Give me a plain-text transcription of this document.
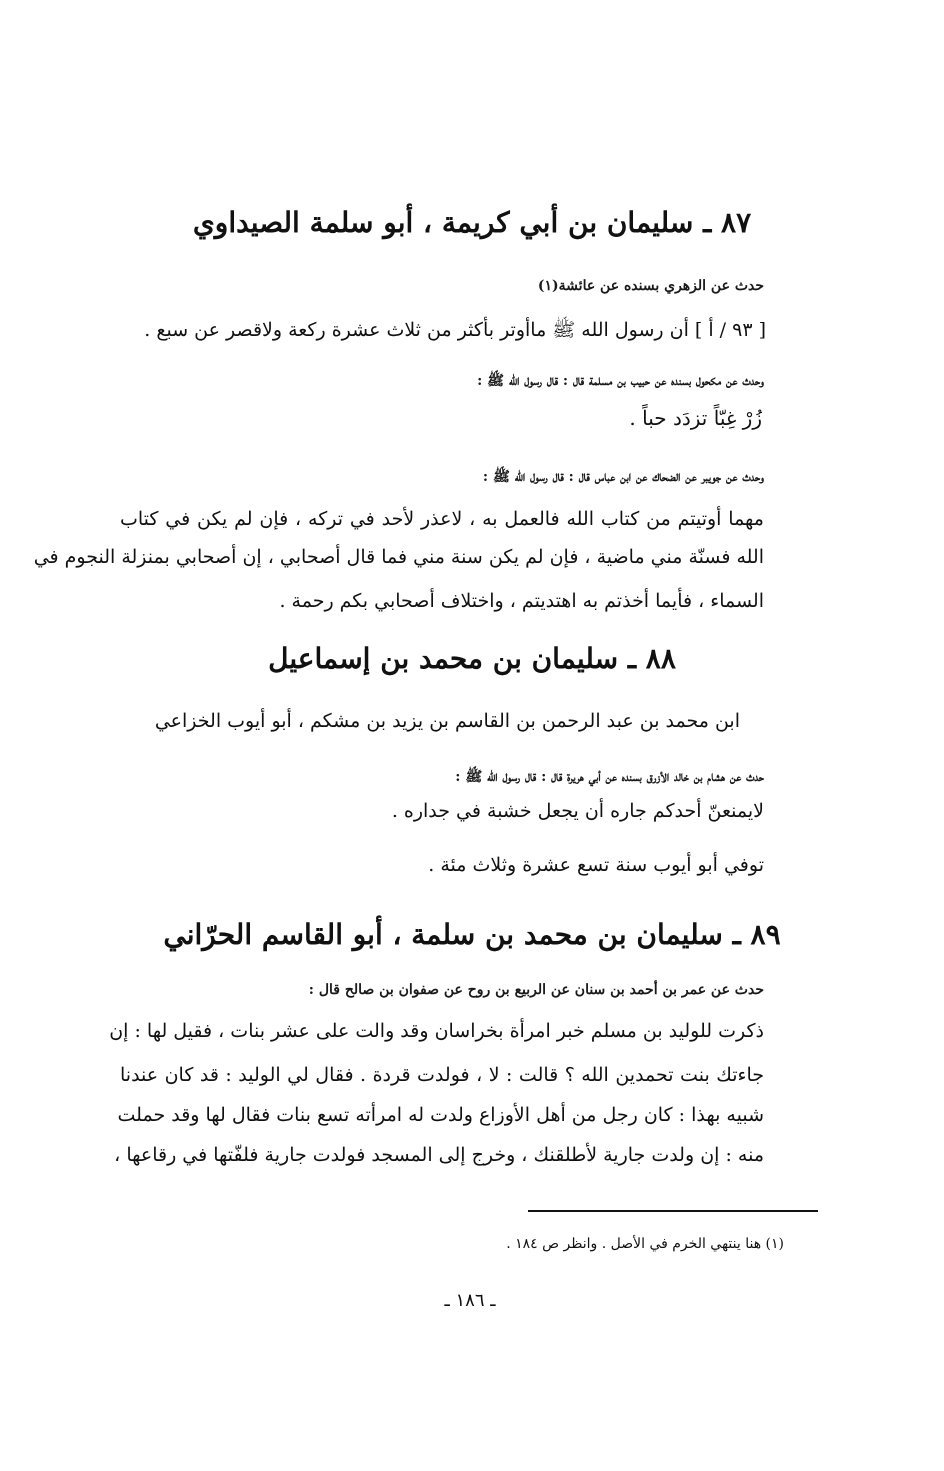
٨٧ ـ سليمان بن أبي كريمة ، أبو سلمة الصيداوي
حدث عن الزهري بسنده عن عائشة(١)
[ ٩٣ / أ ] أن رسول الله ﷺ ماأوتر بأكثر من ثلاث عشرة ركعة ولاقصر عن سبع .
وحدث عن مكحول بسنده عن حبيب بن مسلمة قال : قال رسول الله ﷺ :
زُرْ غِبّاً تزدَد حباً .
وحدث عن جويبر عن الضحاك عن ابن عباس قال : قال رسول الله ﷺ :
مهما أوتيتم من كتاب الله فالعمل به ، لاعذر لأحد في تركه ، فإن لم يكن في كتاب
الله فسنّة مني ماضية ، فإن لم يكن سنة مني فما قال أصحابي ، إن أصحابي بمنزلة النجوم في
السماء ، فأيما أخذتم به اهتديتم ، واختلاف أصحابي بكم رحمة .
٨٨ ـ سليمان بن محمد بن إسماعيل
ابن محمد بن عبد الرحمن بن القاسم بن يزيد بن مشكم ، أبو أيوب الخزاعي
حدث عن هشام بن خالد الأزرق بسنده عن أبي هريرة قال : قال رسول الله ﷺ :
لايمنعنّ أحدكم جاره أن يجعل خشبة في جداره .
توفي أبو أيوب سنة تسع عشرة وثلاث مئة .
٨٩ ـ سليمان بن محمد بن سلمة ، أبو القاسم الحرّاني
حدث عن عمر بن أحمد بن سنان عن الربيع بن روح عن صفوان بن صالح قال :
ذكرت للوليد بن مسلم خبر امرأة بخراسان وقد والت على عشر بنات ، فقيل لها : إن
جاءتك بنت تحمدين الله ؟ قالت : لا ، فولدت قردة . فقال لي الوليد : قد كان عندنا
شبيه بهذا : كان رجل من أهل الأوزاع ولدت له امرأته تسع بنات فقال لها وقد حملت
منه : إن ولدت جارية لأطلقنك ، وخرج إلى المسجد فولدت جارية فلفّتها في رقاعها ،
(١) هنا ينتهي الخرم في الأصل . وانظر ص ١٨٤ .
ـ ١٨٦ ـ
